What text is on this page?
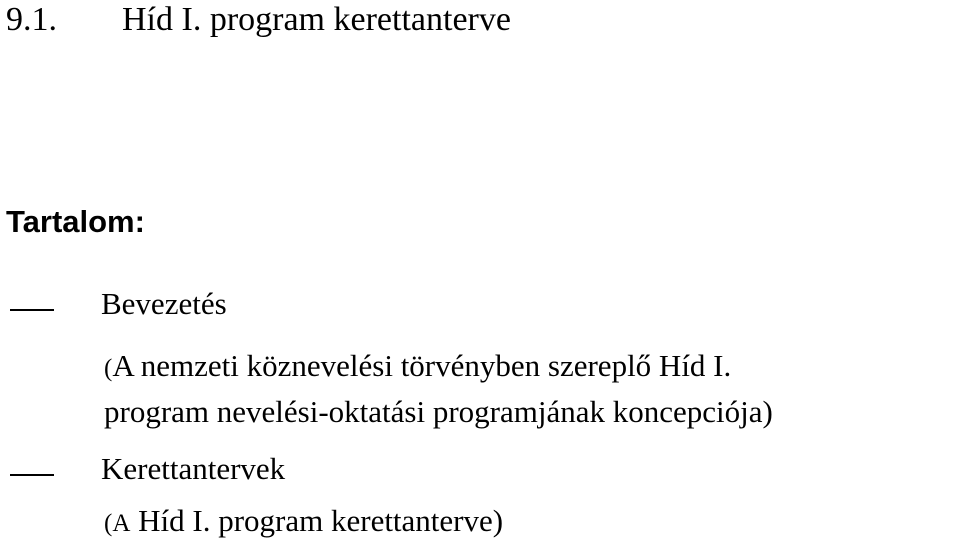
9.1. Híd I. program kerettanterve
Tartalom:
Bevezetés
(A nemzeti köznevelési törvényben szereplő Híd I.
program nevelési-oktatási programjának koncepciója)
Kerettantervek
(A Híd I. program kerettanterve)
